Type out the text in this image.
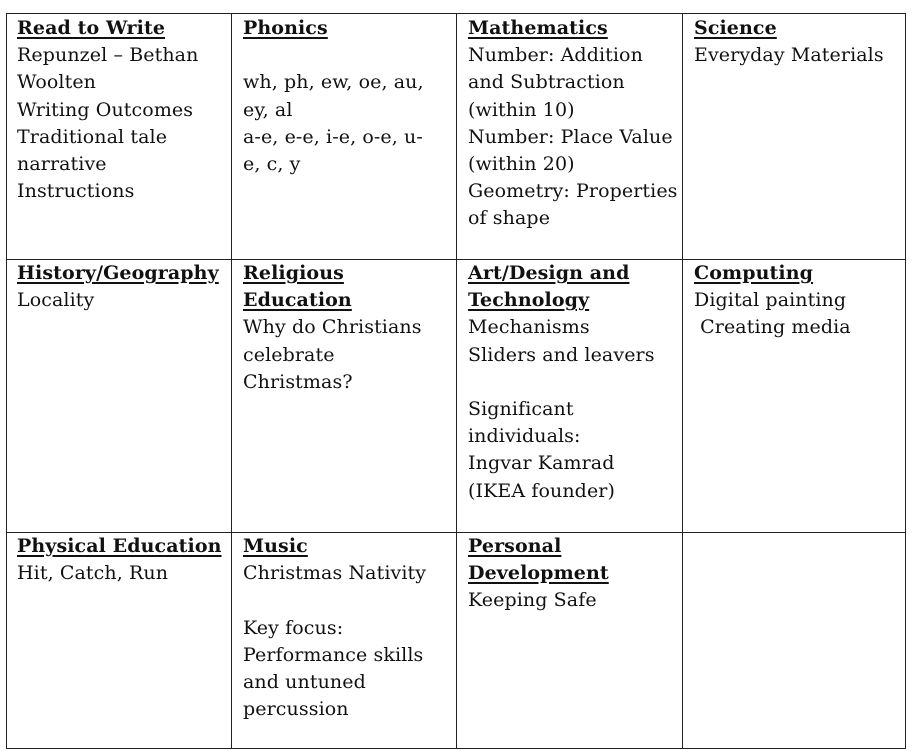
Read to Write
Repunzel – Bethan
Woolten
Writing Outcomes
Traditional tale
narrative
Instructions
Phonics
wh, ph, ew, oe, au,
ey, al
a-e, e-e, i-e, o-e, u-
e, c, y
Mathematics
Number: Addition
and Subtraction
(within 10)
Number: Place Value
(within 20)
Geometry: Properties
of shape
Science
Everyday Materials
History/Geography
Locality
Religious Education
Why do Christians
celebrate
Christmas?
Art/Design and
Technology
Mechanisms
Sliders and leavers
Significant
individuals:
Ingvar Kamrad
(IKEA founder)
Computing
Digital painting
Creating media
Physical Education
Hit, Catch, Run
Music
Christmas Nativity
Key focus:
Performance skills
and untuned
percussion
Personal
Development
Keeping Safe
